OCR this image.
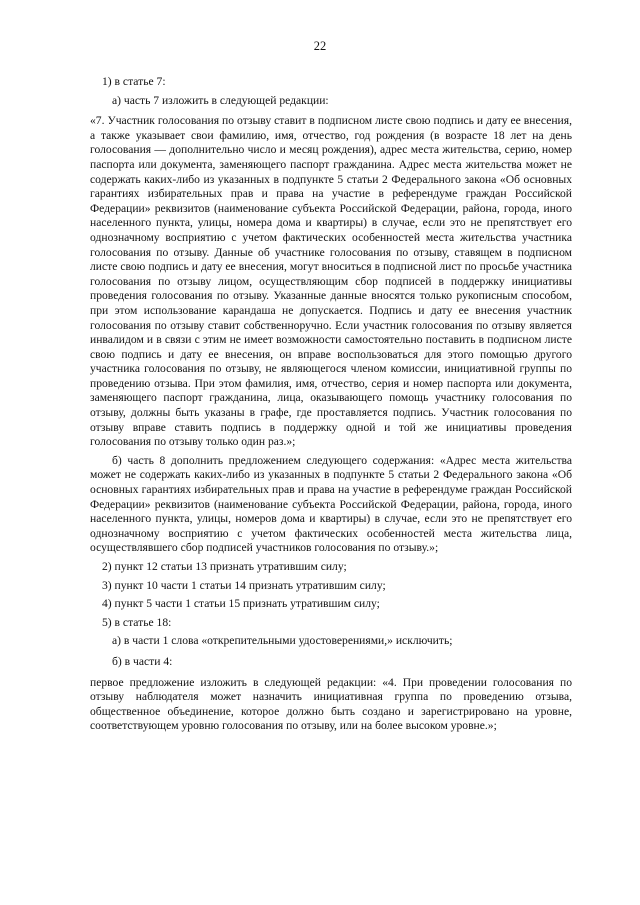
22

1) в статье 7:

а) часть 7 изложить в следующей редакции:

«7. Участник голосования по отзыву ставит в подписном листе свою подпись и дату ее внесения, а также указывает свои фамилию, имя, отчество, год рождения (в возрасте 18 лет на день голосования — дополнительно число и месяц рождения), адрес места жительства, серию, номер паспорта или документа, заменяющего паспорт гражданина. Адрес места жительства может не содержать каких-либо из указанных в подпункте 5 статьи 2 Федерального закона «Об основных гарантиях избирательных прав и права на участие в референдуме граждан Российской Федерации» реквизитов (наименование субъекта Российской Федерации, района, города, иного населенного пункта, улицы, номера дома и квартиры) в случае, если это не препятствует его однозначному восприятию с учетом фактических особенностей места жительства участника голосования по отзыву. Данные об участнике голосования по отзыву, ставящем в подписном листе свою подпись и дату ее внесения, могут вноситься в подписной лист по просьбе участника голосования по отзыву лицом, осуществляющим сбор подписей в поддержку инициативы проведения голосования по отзыву. Указанные данные вносятся только рукописным способом, при этом использование карандаша не допускается. Подпись и дату ее внесения участник голосования по отзыву ставит собственноручно. Если участник голосования по отзыву является инвалидом и в связи с этим не имеет возможности самостоятельно поставить в подписном листе свою подпись и дату ее внесения, он вправе воспользоваться для этого помощью другого участника голосования по отзыву, не являющегося членом комиссии, инициативной группы по проведению отзыва. При этом фамилия, имя, отчество, серия и номер паспорта или документа, заменяющего паспорт гражданина, лица, оказывающего помощь участнику голосования по отзыву, должны быть указаны в графе, где проставляется подпись. Участник голосования по отзыву вправе ставить подпись в поддержку одной и той же инициативы проведения голосования по отзыву только один раз.»;

б) часть 8 дополнить предложением следующего содержания: «Адрес места жительства может не содержать каких-либо из указанных в подпункте 5 статьи 2 Федерального закона «Об основных гарантиях избирательных прав и права на участие в референдуме граждан Российской Федерации» реквизитов (наименование субъекта Российской Федерации, района, города, иного населенного пункта, улицы, номеров дома и квартиры) в случае, если это не препятствует его однозначному восприятию с учетом фактических особенностей места жительства лица, осуществлявшего сбор подписей участников голосования по отзыву.»;

2) пункт 12 статьи 13 признать утратившим силу;

3) пункт 10 части 1 статьи 14 признать утратившим силу;

4) пункт 5 части 1 статьи 15 признать утратившим силу;

5) в статье 18:

а) в части 1 слова «открепительными удостоверениями,» исключить;

б) в части 4:

первое предложение изложить в следующей редакции: «4. При проведении голосования по отзыву наблюдателя может назначить инициативная группа по проведению отзыва, общественное объединение, которое должно быть создано и зарегистрировано на уровне, соответствующем уровню голосования по отзыву, или на более высоком уровне.»;
